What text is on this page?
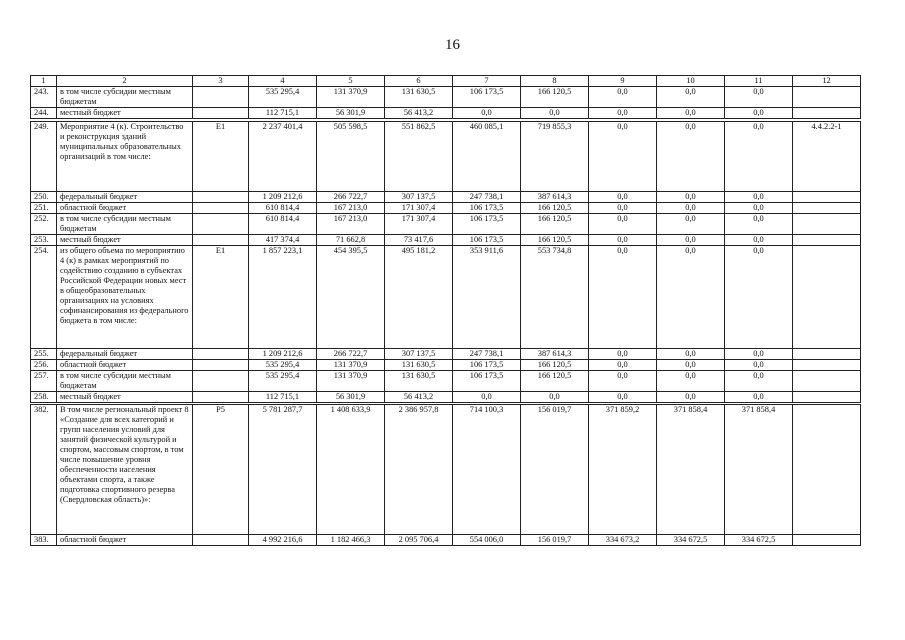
16
1	2	3	4	5	6	7	8	9	10	11	12
243.	в том числе субсидии местным бюджетам		535 295,4	131 370,9	131 630,5	106 173,5	166 120,5	0,0	0,0	0,0	
244.	местный бюджет		112 715,1	56 301,9	56 413,2	0,0	0,0	0,0	0,0	0,0	

249.	Мероприятие 4 (к). Строительство и реконструкция зданий муниципальных образовательных организаций в том числе:	E1	2 237 401,4	505 598,5	551 862,5	460 085,1	719 855,3	0,0	0,0	0,0	4.4.2.2-1
250.	федеральный бюджет		1 209 212,6	266 722,7	307 137,5	247 738,1	387 614,3	0,0	0,0	0,0	
251.	областной бюджет		610 814,4	167 213,0	171 307,4	106 173,5	166 120,5	0,0	0,0	0,0	
252.	в том числе субсидии местным бюджетам		610 814,4	167 213,0	171 307,4	106 173,5	166 120,5	0,0	0,0	0,0	
253.	местный бюджет		417 374,4	71 662,8	73 417,6	106 173,5	166 120,5	0,0	0,0	0,0	
254.	из общего объема по мероприятию 4 (к) в рамках мероприятий по содействию созданию в субъектах Российской Федерации новых мест в общеобразовательных организациях на условиях софинансирования из федерального бюджета в том числе:	E1	1 857 223,1	454 395,5	495 181,2	353 911,6	553 734,8	0,0	0,0	0,0	
255.	федеральный бюджет		1 209 212,6	266 722,7	307 137,5	247 738,1	387 614,3	0,0	0,0	0,0	
256.	областной бюджет		535 295,4	131 370,9	131 630,5	106 173,5	166 120,5	0,0	0,0	0,0	
257.	в том числе субсидии местным бюджетам		535 295,4	131 370,9	131 630,5	106 173,5	166 120,5	0,0	0,0	0,0	
258.	местный бюджет		112 715,1	56 301,9	56 413,2	0,0	0,0	0,0	0,0	0,0	

382.	В том числе региональный проект 8 «Создание для всех категорий и групп населения условий для занятий физической культурой и спортом, массовым спортом, в том числе повышение уровня обеспеченности населения объектами спорта, а также подготовка спортивного резерва (Свердловская область)»:	P5	5 781 287,7	1 408 633,9	2 386 957,8	714 100,3	156 019,7	371 859,2	371 858,4	371 858,4	
383.	областной бюджет		4 992 216,6	1 182 466,3	2 095 706,4	554 006,0	156 019,7	334 673,2	334 672,5	334 672,5	
